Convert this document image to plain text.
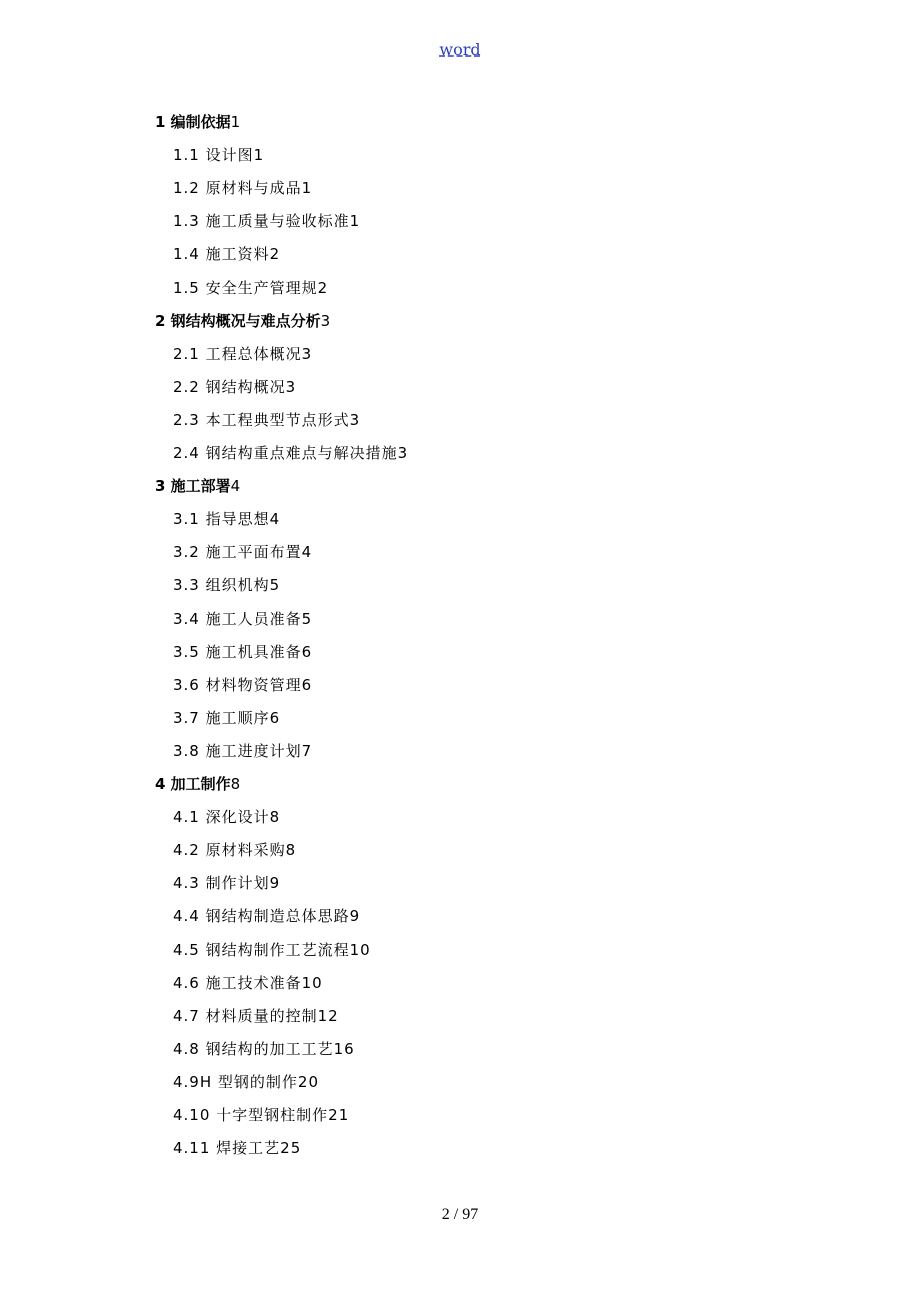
word
1 编制依据1
1.1 设计图1
1.2 原材料与成品1
1.3 施工质量与验收标准1
1.4 施工资料2
1.5 安全生产管理规2
2 钢结构概况与难点分析3
2.1 工程总体概况3
2.2 钢结构概况3
2.3 本工程典型节点形式3
2.4 钢结构重点难点与解决措施3
3 施工部署4
3.1 指导思想4
3.2 施工平面布置4
3.3 组织机构5
3.4 施工人员准备5
3.5 施工机具准备6
3.6 材料物资管理6
3.7 施工顺序6
3.8 施工进度计划7
4 加工制作8
4.1 深化设计8
4.2 原材料采购8
4.3 制作计划9
4.4 钢结构制造总体思路9
4.5 钢结构制作工艺流程10
4.6 施工技术准备10
4.7 材料质量的控制12
4.8 钢结构的加工工艺16
4.9H 型钢的制作20
4.10 十字型钢柱制作21
4.11 焊接工艺25
2 / 97
